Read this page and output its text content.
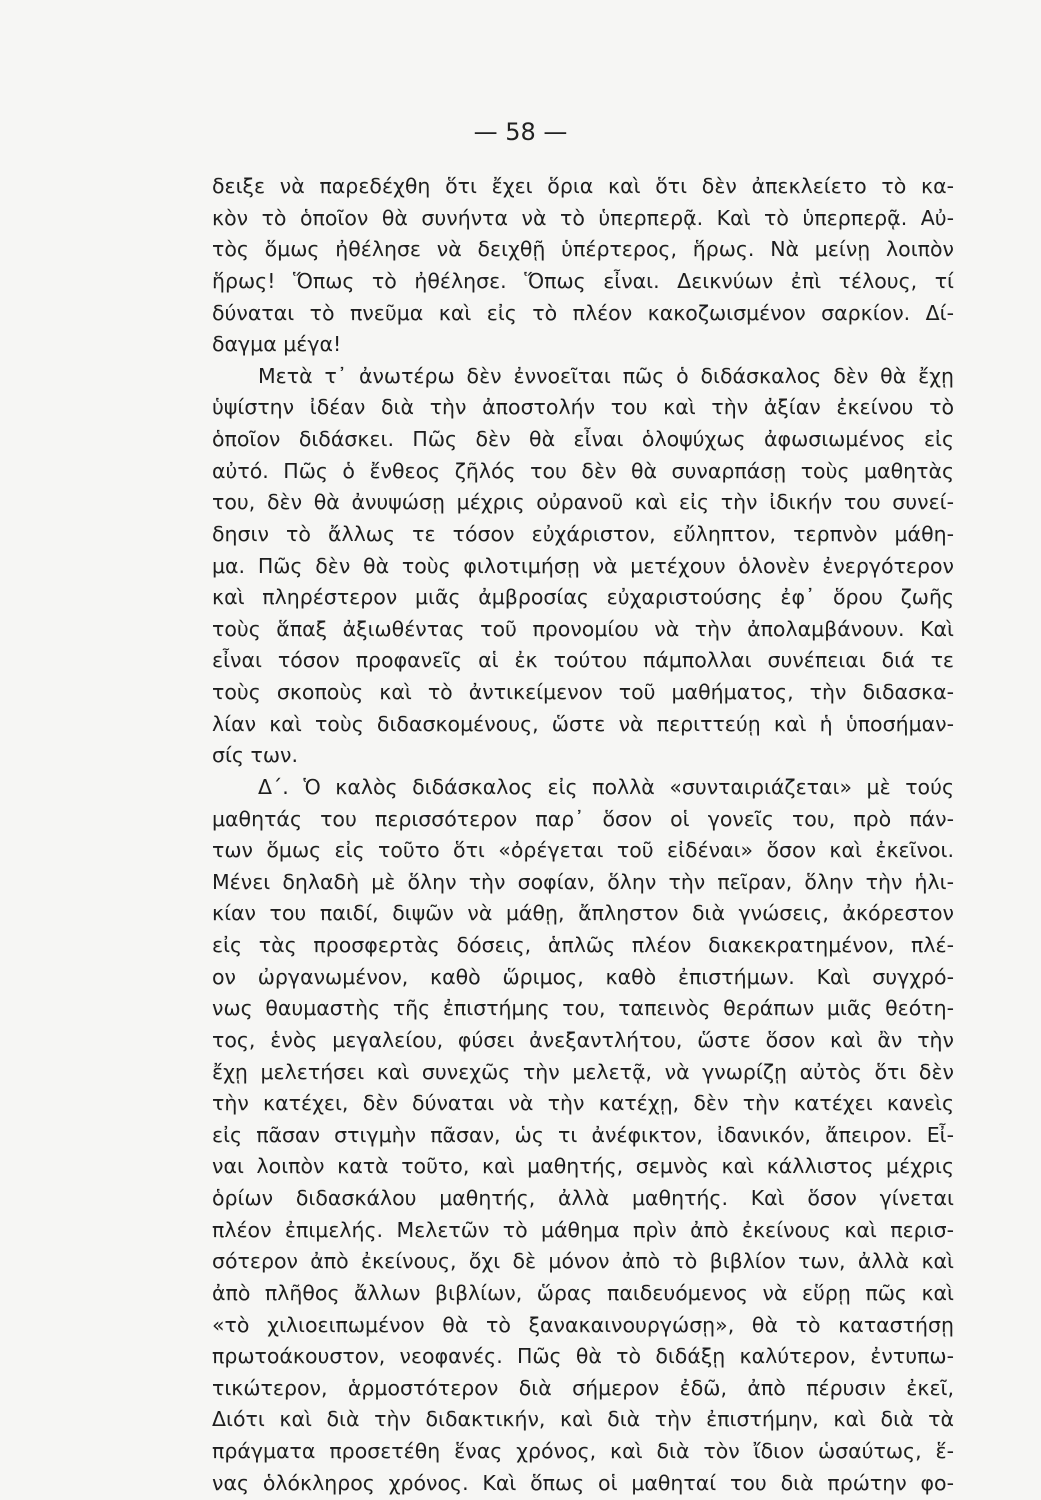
— 58 —
δειξε νὰ παρεδέχθη ὅτι ἔχει ὅρια καὶ ὅτι δὲν ἀπεκλείετο τὸ κα-
κὸν τὸ ὁποῖον θὰ συνήντα νὰ τὸ ὑπερπερᾷ. Καὶ τὸ ὑπερπερᾷ. Αὐ-
τὸς ὅμως ἠθέλησε νὰ δειχθῇ ὑπέρτερος, ἥρως. Νὰ μείνῃ λοιπὸν
ἥρως! Ὅπως τὸ ἠθέλησε. Ὅπως εἶναι. Δεικνύων ἐπὶ τέλους, τί
δύναται τὸ πνεῦμα καὶ εἰς τὸ πλέον κακοζωισμένον σαρκίον. Δί-
δαγμα μέγα!
Μετὰ τ᾿ ἀνωτέρω δὲν ἐννοεῖται πῶς ὁ διδάσκαλος δὲν θὰ ἔχῃ
ὑψίστην ἰδέαν διὰ τὴν ἀποστολήν του καὶ τὴν ἀξίαν ἐκείνου τὸ
ὁποῖον διδάσκει. Πῶς δὲν θὰ εἶναι ὁλοψύχως ἀφωσιωμένος εἰς
αὐτό. Πῶς ὁ ἔνθεος ζῆλός του δὲν θὰ συναρπάσῃ τοὺς μαθητὰς
του, δὲν θὰ ἀνυψώσῃ μέχρις οὐρανοῦ καὶ εἰς τὴν ἰδικήν του συνεί-
δησιν τὸ ἄλλως τε τόσον εὐχάριστον, εὔληπτον, τερπνὸν μάθη-
μα. Πῶς δὲν θὰ τοὺς φιλοτιμήσῃ νὰ μετέχουν ὁλονὲν ἐνεργότερον
καὶ πληρέστερον μιᾶς ἀμβροσίας εὐχαριστούσης ἐφ᾿ ὅρου ζωῆς
τοὺς ἅπαξ ἀξιωθέντας τοῦ προνομίου νὰ τὴν ἀπολαμβάνουν. Καὶ
εἶναι τόσον προφανεῖς αἱ ἐκ τούτου πάμπολλαι συνέπειαι διά τε
τοὺς σκοποὺς καὶ τὸ ἀντικείμενον τοῦ μαθήματος, τὴν διδασκα-
λίαν καὶ τοὺς διδασκομένους, ὥστε νὰ περιττεύῃ καὶ ἡ ὑποσήμαν-
σίς των.
Δ΄. Ὁ καλὸς διδάσκαλος εἰς πολλὰ «συνταιριάζεται» μὲ τούς
μαθητάς του περισσότερον παρ᾿ ὅσον οἱ γονεῖς του, πρὸ πάν-
των ὅμως εἰς τοῦτο ὅτι «ὀρέγεται τοῦ εἰδέναι» ὅσον καὶ ἐκεῖνοι.
Μένει δηλαδὴ μὲ ὅλην τὴν σοφίαν, ὅλην τὴν πεῖραν, ὅλην τὴν ἡλι-
κίαν του παιδί, διψῶν νὰ μάθῃ, ἄπληστον διὰ γνώσεις, ἀκόρεστον
εἰς τὰς προσφερτὰς δόσεις, ἁπλῶς πλέον διακεκρατημένον, πλέ-
ον ὠργανωμένον, καθὸ ὥριμος, καθὸ ἐπιστήμων. Καὶ συγχρό-
νως θαυμαστὴς τῆς ἐπιστήμης του, ταπεινὸς θεράπων μιᾶς θεότη-
τος, ἑνὸς μεγαλείου, φύσει ἀνεξαντλήτου, ὥστε ὅσον καὶ ἂν τὴν
ἔχῃ μελετήσει καὶ συνεχῶς τὴν μελετᾷ, νὰ γνωρίζῃ αὐτὸς ὅτι δὲν
τὴν κατέχει, δὲν δύναται νὰ τὴν κατέχῃ, δὲν τὴν κατέχει κανεὶς
εἰς πᾶσαν στιγμὴν πᾶσαν, ὡς τι ἀνέφικτον, ἰδανικόν, ἄπειρον. Εἶ-
ναι λοιπὸν κατὰ τοῦτο, καὶ μαθητής, σεμνὸς καὶ κάλλιστος μέχρις
ὁρίων διδασκάλου μαθητής, ἀλλὰ μαθητής. Καὶ ὅσον γίνεται
πλέον ἐπιμελής. Μελετῶν τὸ μάθημα πρὶν ἀπὸ ἐκείνους καὶ περισ-
σότερον ἀπὸ ἐκείνους, ὄχι δὲ μόνον ἀπὸ τὸ βιβλίον των, ἀλλὰ καὶ
ἀπὸ πλῆθος ἄλλων βιβλίων, ὥρας παιδευόμενος νὰ εὕρῃ πῶς καὶ
«τὸ χιλιοειπωμένον θὰ τὸ ξανακαινουργώσῃ», θὰ τὸ καταστήσῃ
πρωτοάκουστον, νεοφανές. Πῶς θὰ τὸ διδάξῃ καλύτερον, ἐντυπω-
τικώτερον, ἁρμοστότερον διὰ σήμερον ἐδῶ, ἀπὸ πέρυσιν ἐκεῖ,
Διότι καὶ διὰ τὴν διδακτικήν, καὶ διὰ τὴν ἐπιστήμην, καὶ διὰ τὰ
πράγματα προσετέθη ἕνας χρόνος, καὶ διὰ τὸν ἴδιον ὡσαύτως, ἕ-
νας ὁλόκληρος χρόνος. Καὶ ὅπως οἱ μαθηταί του διὰ πρώτην φο-
